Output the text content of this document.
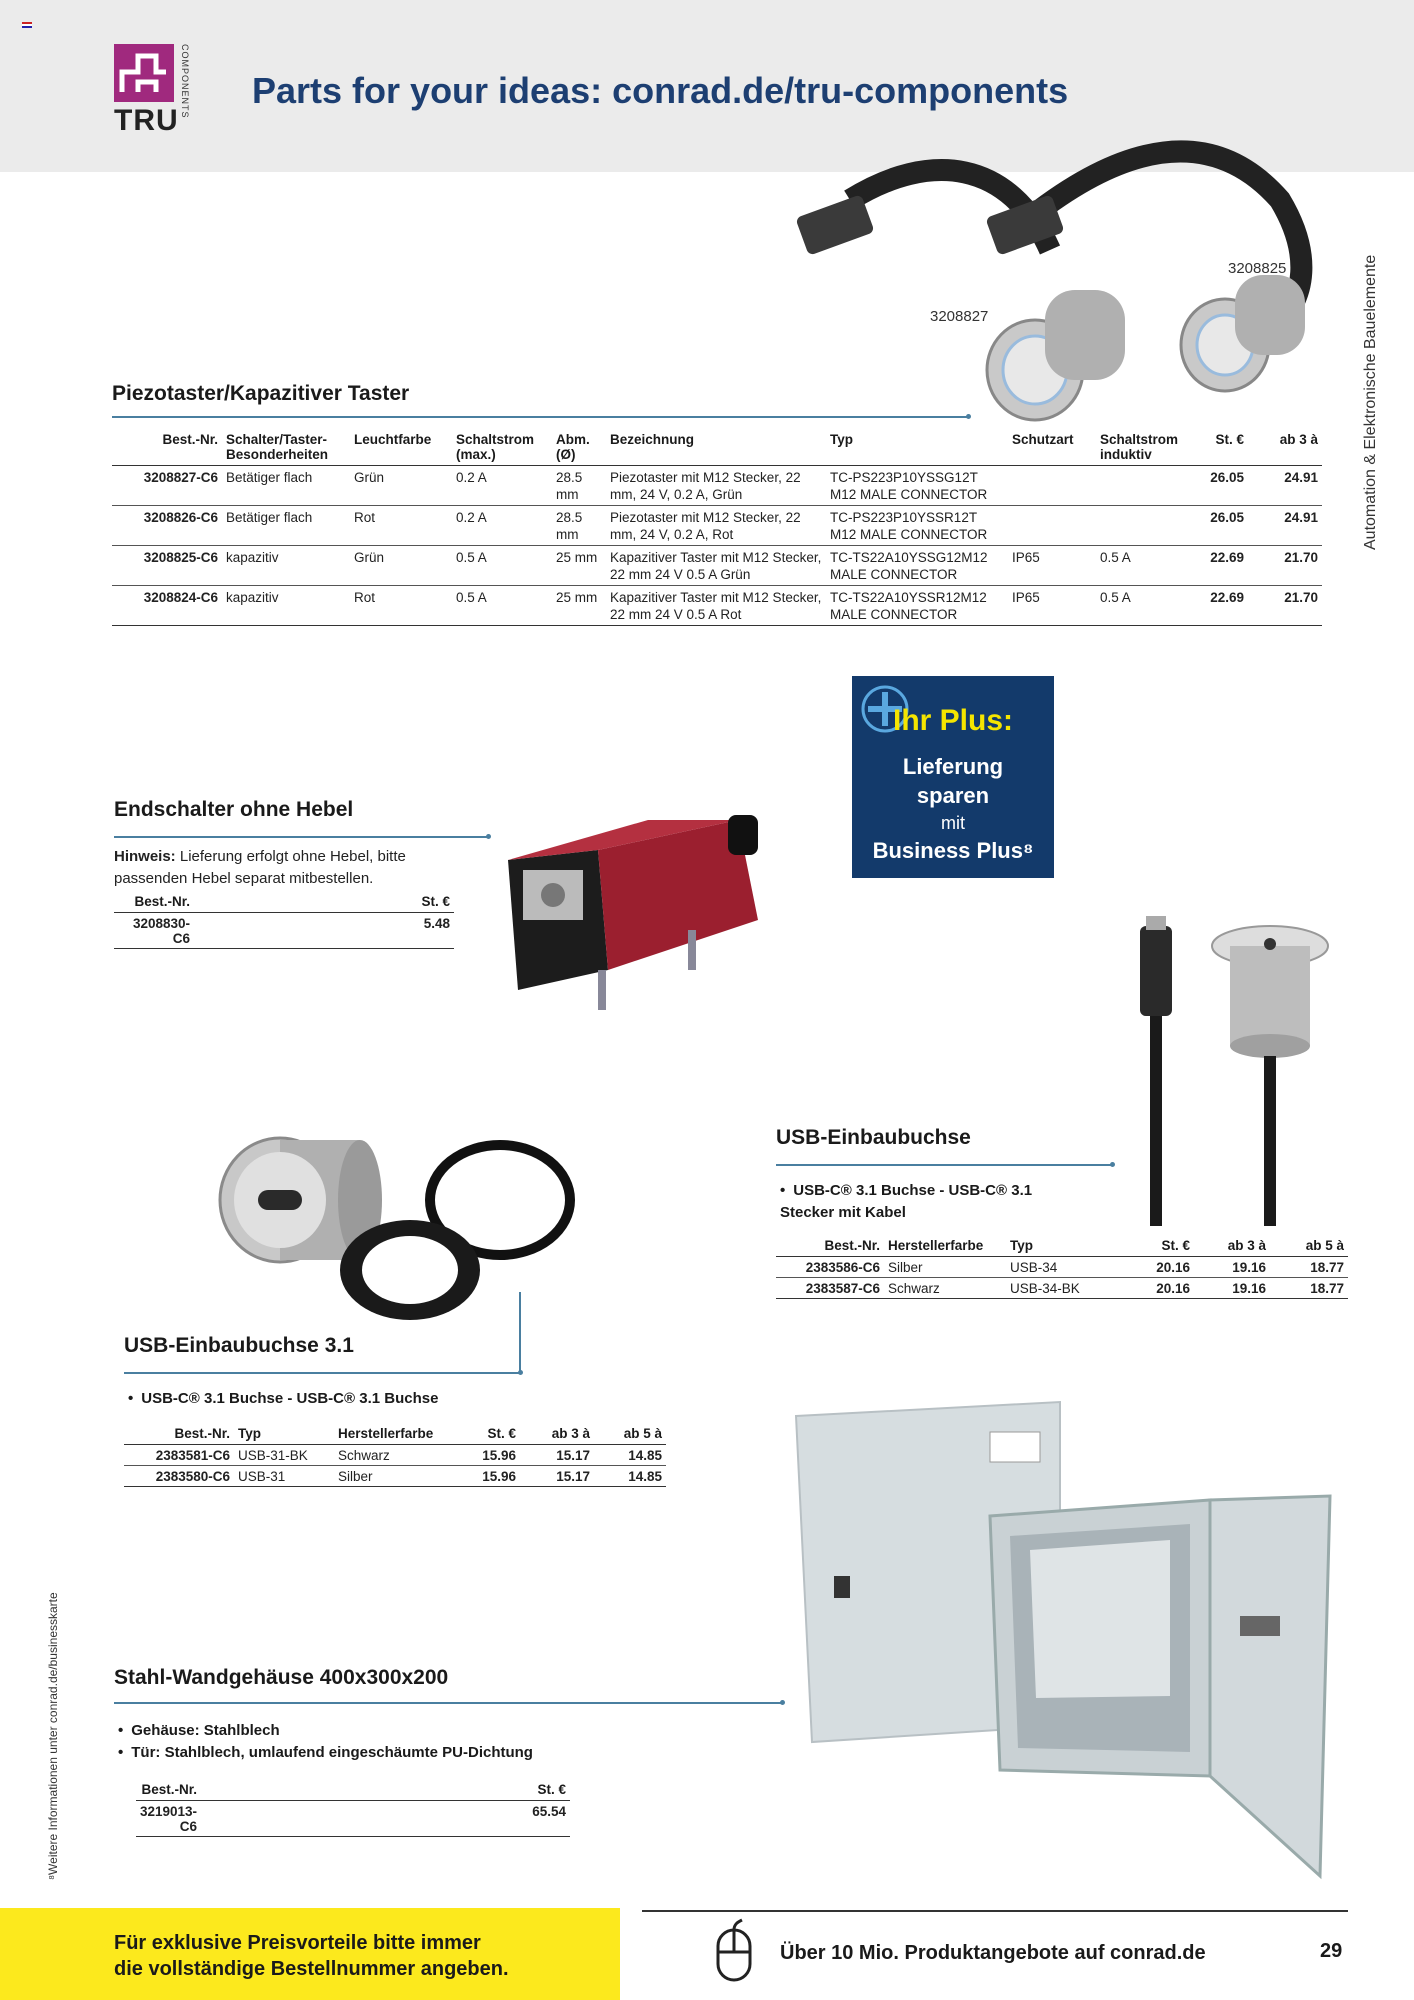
TRU
COMPONENTS Parts for your ideas: conrad.de/tru-components
Automation & Elektronische Bauelemente
⁸Weitere Informationen unter conrad.de/businesskarte
3208827
3208825
Piezotaster/Kapazitiver Taster
Best.-Nr.	Schalter/Taster-Besonderheiten	Leuchtfarbe	Schaltstrom (max.)	Abm. (Ø)	Bezeichnung	Typ	Schutzart	Schaltstrom induktiv	St. €	ab 3 à
3208827-C6	Betätiger flach	Grün	0.2 A	28.5 mm	Piezotaster mit M12 Stecker, 22 mm, 24 V, 0.2 A, Grün	TC-PS223P10YSSG12T M12 MALE CONNECTOR			26.05	24.91
3208826-C6	Betätiger flach	Rot	0.2 A	28.5 mm	Piezotaster mit M12 Stecker, 22 mm, 24 V, 0.2 A, Rot	TC-PS223P10YSSR12T M12 MALE CONNECTOR			26.05	24.91
3208825-C6	kapazitiv	Grün	0.5 A	25 mm	Kapazitiver Taster mit M12 Stecker, 22 mm 24 V 0.5 A Grün	TC-TS22A10YSSG12M12 MALE CONNECTOR	IP65	0.5 A	22.69	21.70
3208824-C6	kapazitiv	Rot	0.5 A	25 mm	Kapazitiver Taster mit M12 Stecker, 22 mm 24 V 0.5 A Rot	TC-TS22A10YSSR12M12 MALE CONNECTOR	IP65	0.5 A	22.69	21.70
Endschalter ohne Hebel
Hinweis: Lieferung erfolgt ohne Hebel, bitte passenden Hebel separat mitbestellen.
Best.-Nr.	St. €
3208830-C6	5.48
Ihr Plus:
Lieferung
sparen
mit
Business Plus⁸
USB-Einbaubuchse
• USB-C® 3.1 Buchse - USB-C® 3.1 Stecker mit Kabel
Best.-Nr.	Herstellerfarbe	Typ	St. €	ab 3 à	ab 5 à
2383586-C6	Silber	USB-34	20.16	19.16	18.77
2383587-C6	Schwarz	USB-34-BK	20.16	19.16	18.77
USB-Einbaubuchse 3.1
• USB-C® 3.1 Buchse - USB-C® 3.1 Buchse
Best.-Nr.	Typ	Herstellerfarbe	St. €	ab 3 à	ab 5 à
2383581-C6	USB-31-BK	Schwarz	15.96	15.17	14.85
2383580-C6	USB-31	Silber	15.96	15.17	14.85
Stahl-Wandgehäuse 400x300x200
• Gehäuse: Stahlblech
• Tür: Stahlblech, umlaufend eingeschäumte PU-Dichtung
Best.-Nr.	St. €
3219013-C6	65.54
Für exklusive Preisvorteile bitte immer
die vollständige Bestellnummer angeben.
Über 10 Mio. Produktangebote auf conrad.de	29
